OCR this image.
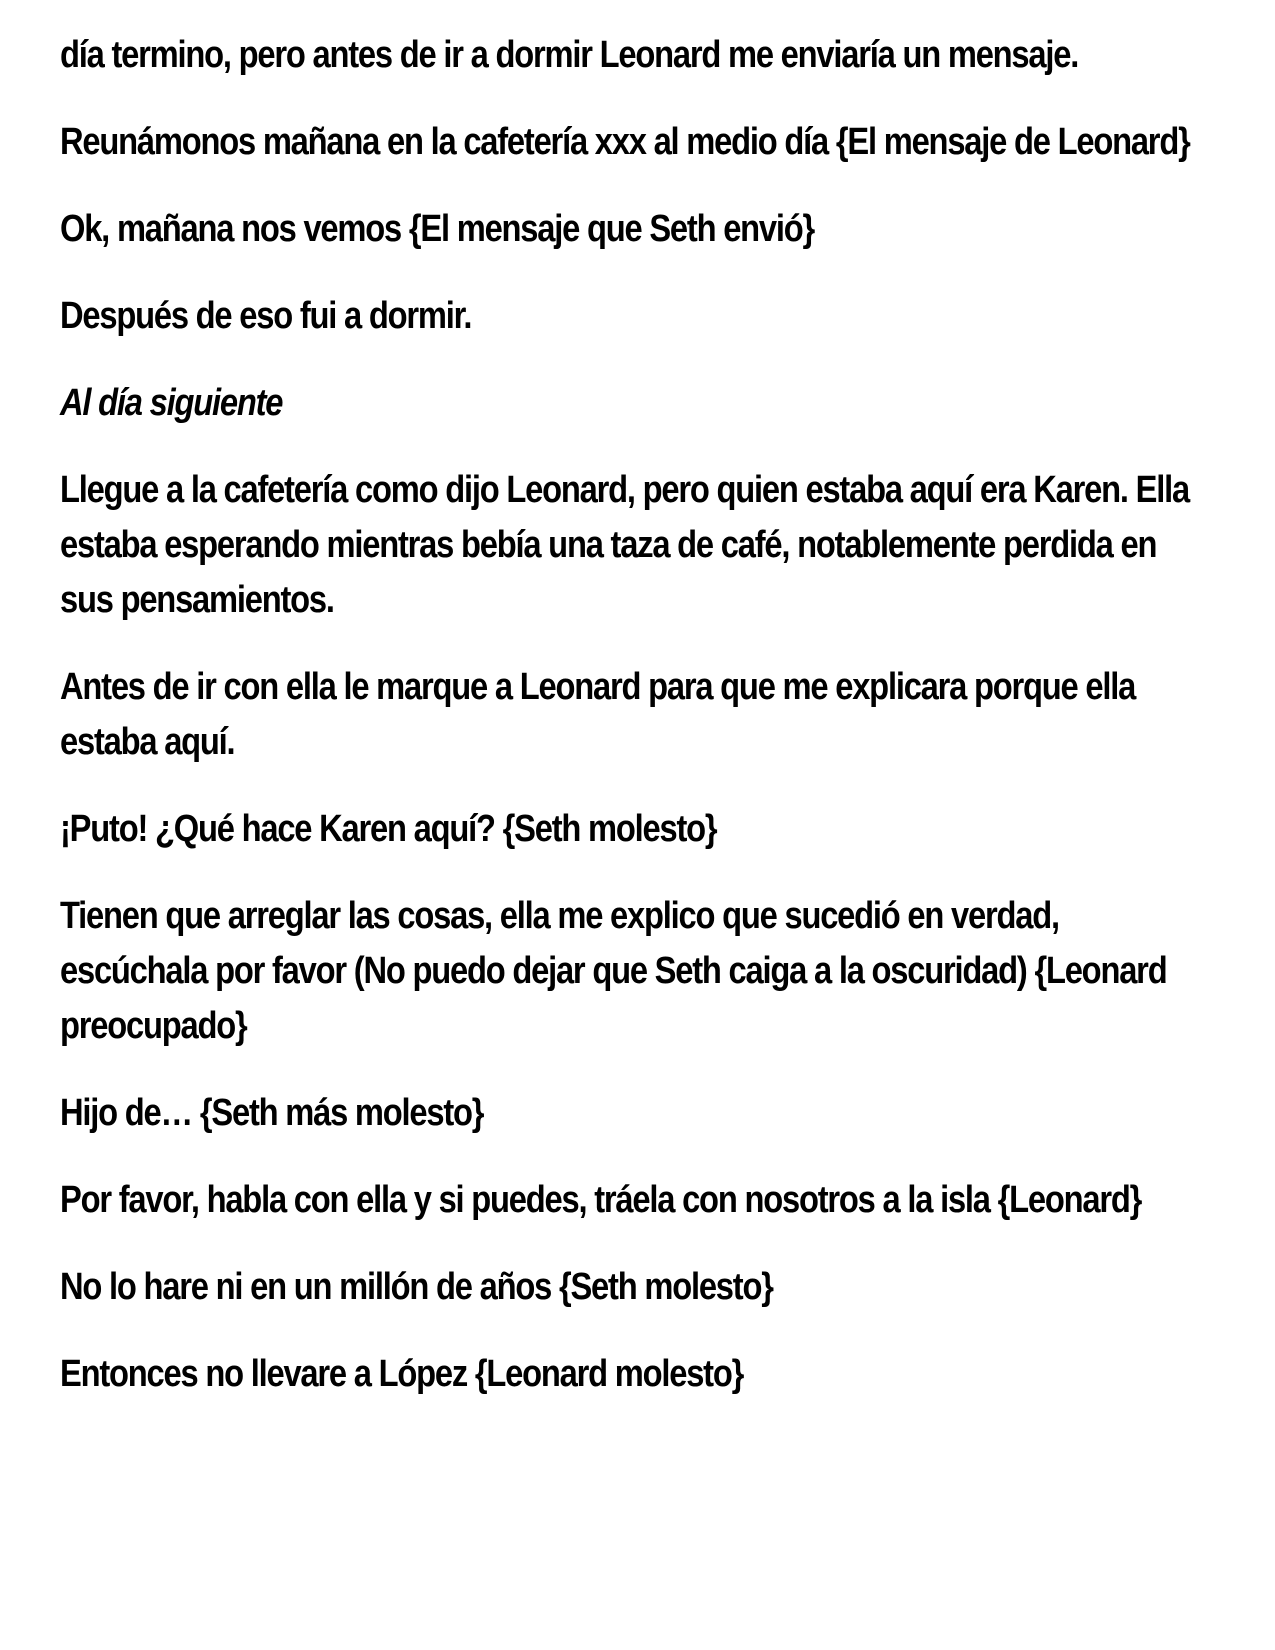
día termino, pero antes de ir a dormir Leonard me enviaría un mensaje.

Reunámonos mañana en la cafetería xxx al medio día {El mensaje de Leonard}

Ok, mañana nos vemos {El mensaje que Seth envió}

Después de eso fui a dormir.

Al día siguiente

Llegue a la cafetería como dijo Leonard, pero quien estaba aquí era Karen. Ella estaba esperando mientras bebía una taza de café, notablemente perdida en sus pensamientos.

Antes de ir con ella le marque a Leonard para que me explicara porque ella estaba aquí.

¡Puto! ¿Qué hace Karen aquí? {Seth molesto}

Tienen que arreglar las cosas, ella me explico que sucedió en verdad, escúchala por favor (No puedo dejar que Seth caiga a la oscuridad) {Leonard preocupado}

Hijo de… {Seth más molesto}

Por favor, habla con ella y si puedes, tráela con nosotros a la isla {Leonard}

No lo hare ni en un millón de años {Seth molesto}

Entonces no llevare a López {Leonard molesto}
